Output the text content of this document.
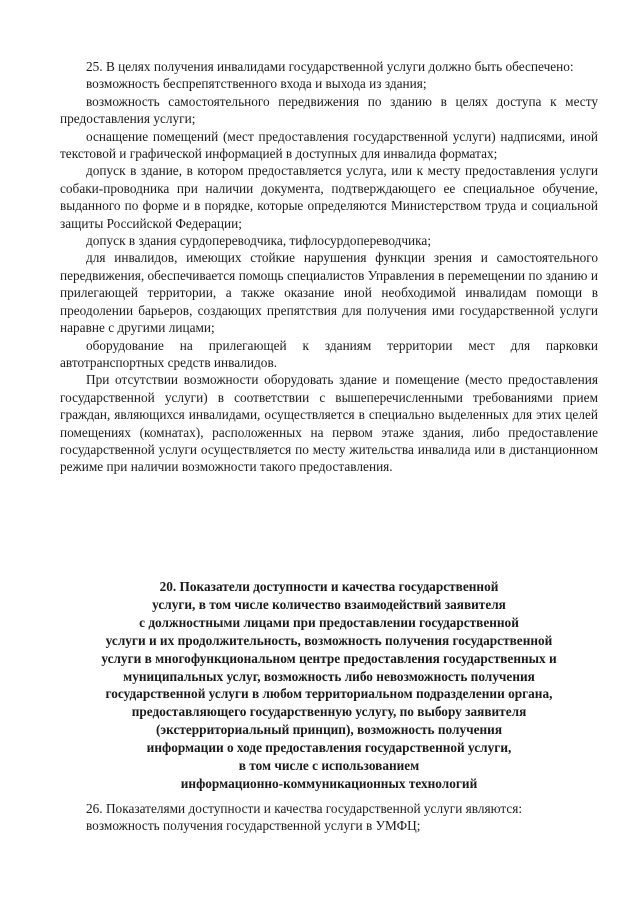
25. В целях получения инвалидами государственной услуги должно быть обеспечено:

возможность беспрепятственного входа и выхода из здания;

возможность самостоятельного передвижения по зданию в целях доступа к месту предоставления услуги;

оснащение помещений (мест предоставления государственной услуги) надписями, иной текстовой и графической информацией в доступных для инвалида форматах;

допуск в здание, в котором предоставляется услуга, или к месту предоставления услуги собаки-проводника при наличии документа, подтверждающего ее специальное обучение, выданного по форме и в порядке, которые определяются Министерством труда и социальной защиты Российской Федерации;

допуск в здания сурдопереводчика, тифлосурдопереводчика;

для инвалидов, имеющих стойкие нарушения функции зрения и самостоятельного передвижения, обеспечивается помощь специалистов Управления в перемещении по зданию и прилегающей территории, а также оказание иной необходимой инвалидам помощи в преодолении барьеров, создающих препятствия для получения ими государственной услуги наравне с другими лицами;

оборудование на прилегающей к зданиям территории мест для парковки автотранспортных средств инвалидов.

При отсутствии возможности оборудовать здание и помещение (место предоставления государственной услуги) в соответствии с вышеперечисленными требованиями прием граждан, являющихся инвалидами, осуществляется в специально выделенных для этих целей помещениях (комнатах), расположенных на первом этаже здания, либо предоставление государственной услуги осуществляется по месту жительства инвалида или в дистанционном режиме при наличии возможности такого предоставления.

20. Показатели доступности и качества государственной
услуги, в том числе количество взаимодействий заявителя
с должностными лицами при предоставлении государственной
услуги и их продолжительность, возможность получения государственной
услуги в многофункциональном центре предоставления государственных и
муниципальных услуг, возможность либо невозможность получения
государственной услуги в любом территориальном подразделении органа,
предоставляющего государственную услугу, по выбору заявителя
(экстерриториальный принцип), возможность получения
информации о ходе предоставления государственной услуги,
в том числе с использованием
информационно-коммуникационных технологий

26. Показателями доступности и качества государственной услуги являются:

возможность получения государственной услуги в УМФЦ;
